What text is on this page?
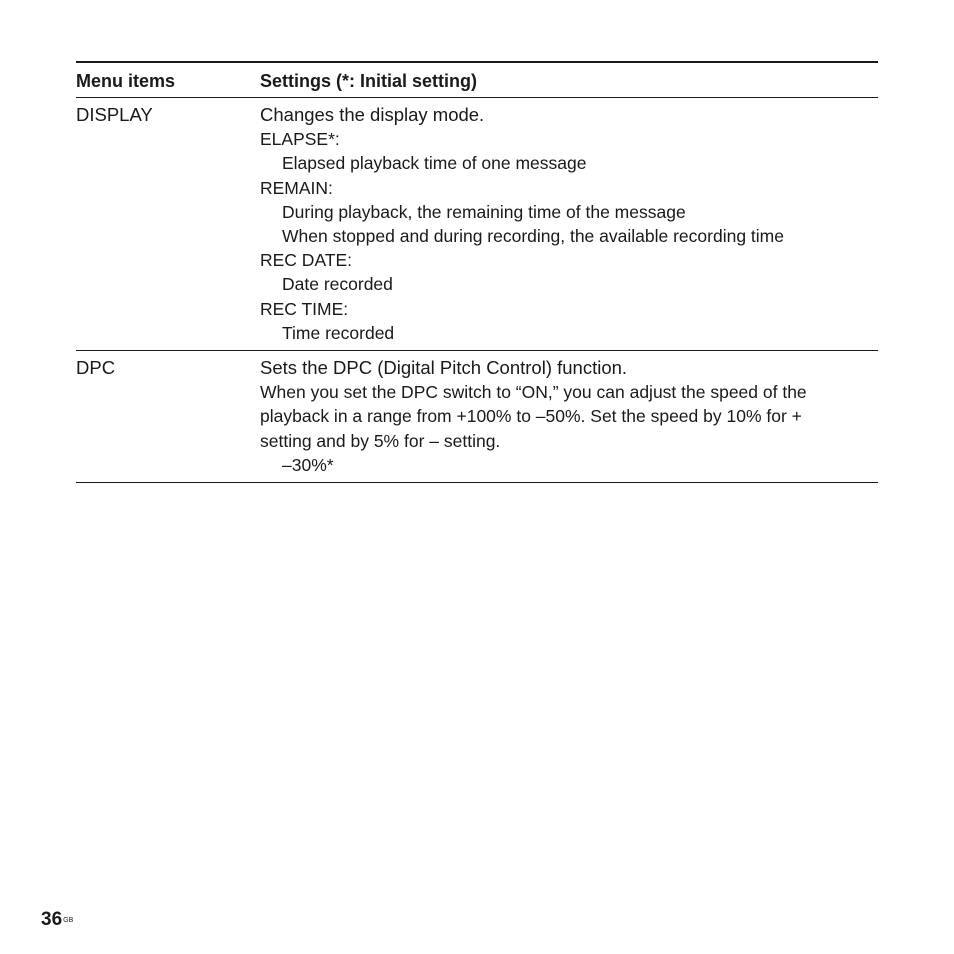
Menu items	Settings (*: Initial setting)
DISPLAY	Changes the display mode.
ELAPSE*:
Elapsed playback time of one message
REMAIN:
During playback, the remaining time of the message
When stopped and during recording, the available recording time
REC DATE:
Date recorded
REC TIME:
Time recorded
DPC	Sets the DPC (Digital Pitch Control) function.
When you set the DPC switch to “ON,” you can adjust the speed of the
playback in a range from +100% to –50%. Set the speed by 10% for +
setting and by 5% for – setting.
–30%*
$36^{GB}$
